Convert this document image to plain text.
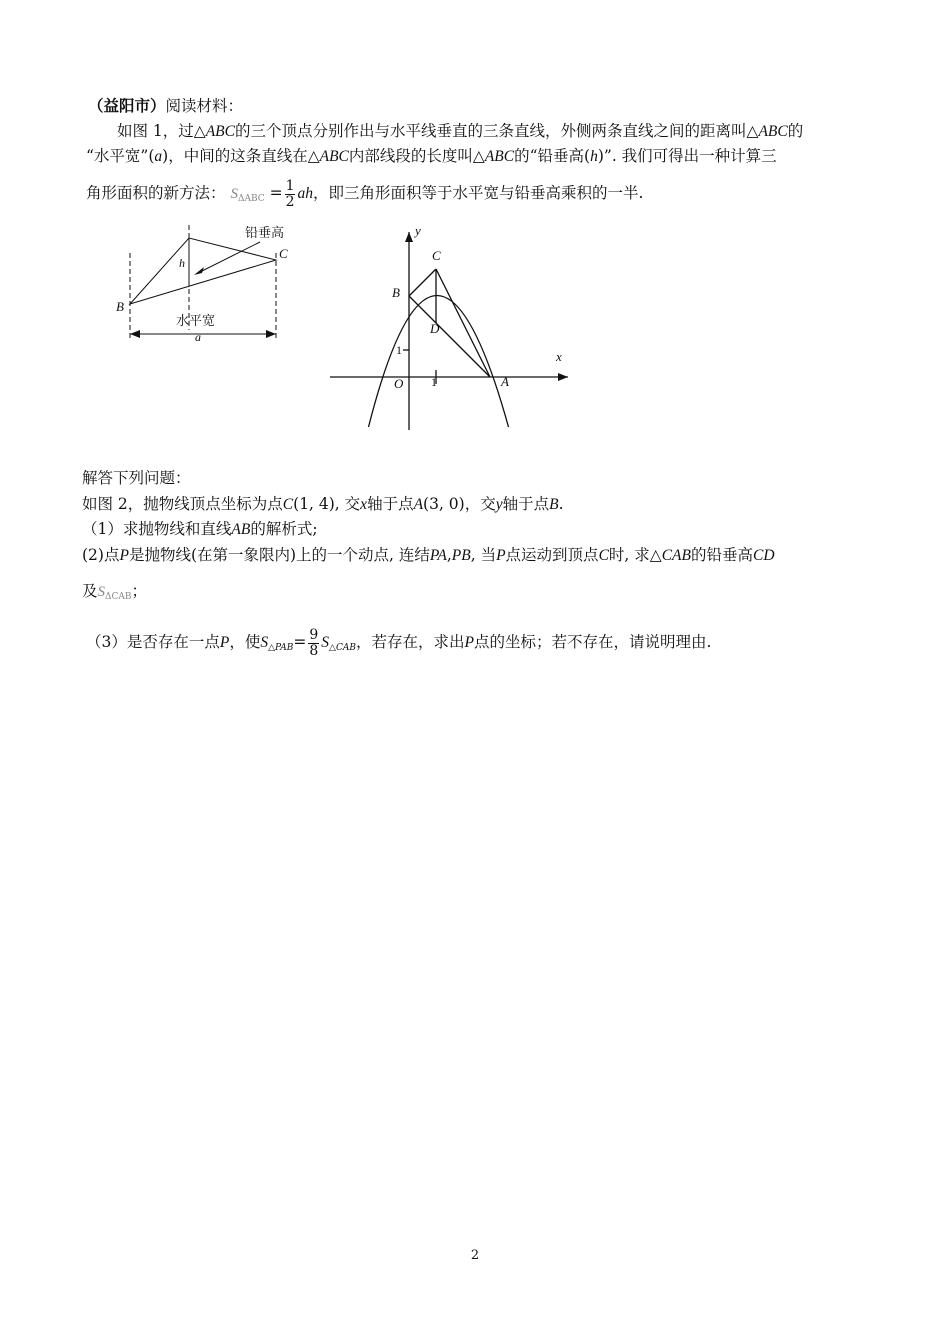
（益阳市）阅读材料：
如图 1，过△ABC的三个顶点分别作出与水平线垂直的三条直线，外侧两条直线之间的距离叫△ABC的
“水平宽”(a)，中间的这条直线在△ABC内部线段的长度叫△ABC的“铅垂高(h)”. 我们可得出一种计算三
角形面积的新方法： $S_{\Delta ABC} = \frac{1}{2}$ ah，即三角形面积等于水平宽与铅垂高乘积的一半.
铅垂高
C
h
B
水平宽
a
y
C
B
D
1	x
O 1	A
解答下列问题：
如图 2，抛物线顶点坐标为点C(1, 4), 交x轴于点A(3, 0)，交y轴于点B.
（1）求抛物线和直线AB的解析式;
(2)点P是抛物线(在第一象限内)上的一个动点, 连结PA,PB, 当P点运动到顶点C时, 求△CAB的铅垂高CD
及$S_{\Delta CAB}$；
（3）是否存在一点P，使S△PAB= $\frac{9}{8}$ S△CAB，若存在，求出P点的坐标；若不存在，请说明理由.
2
